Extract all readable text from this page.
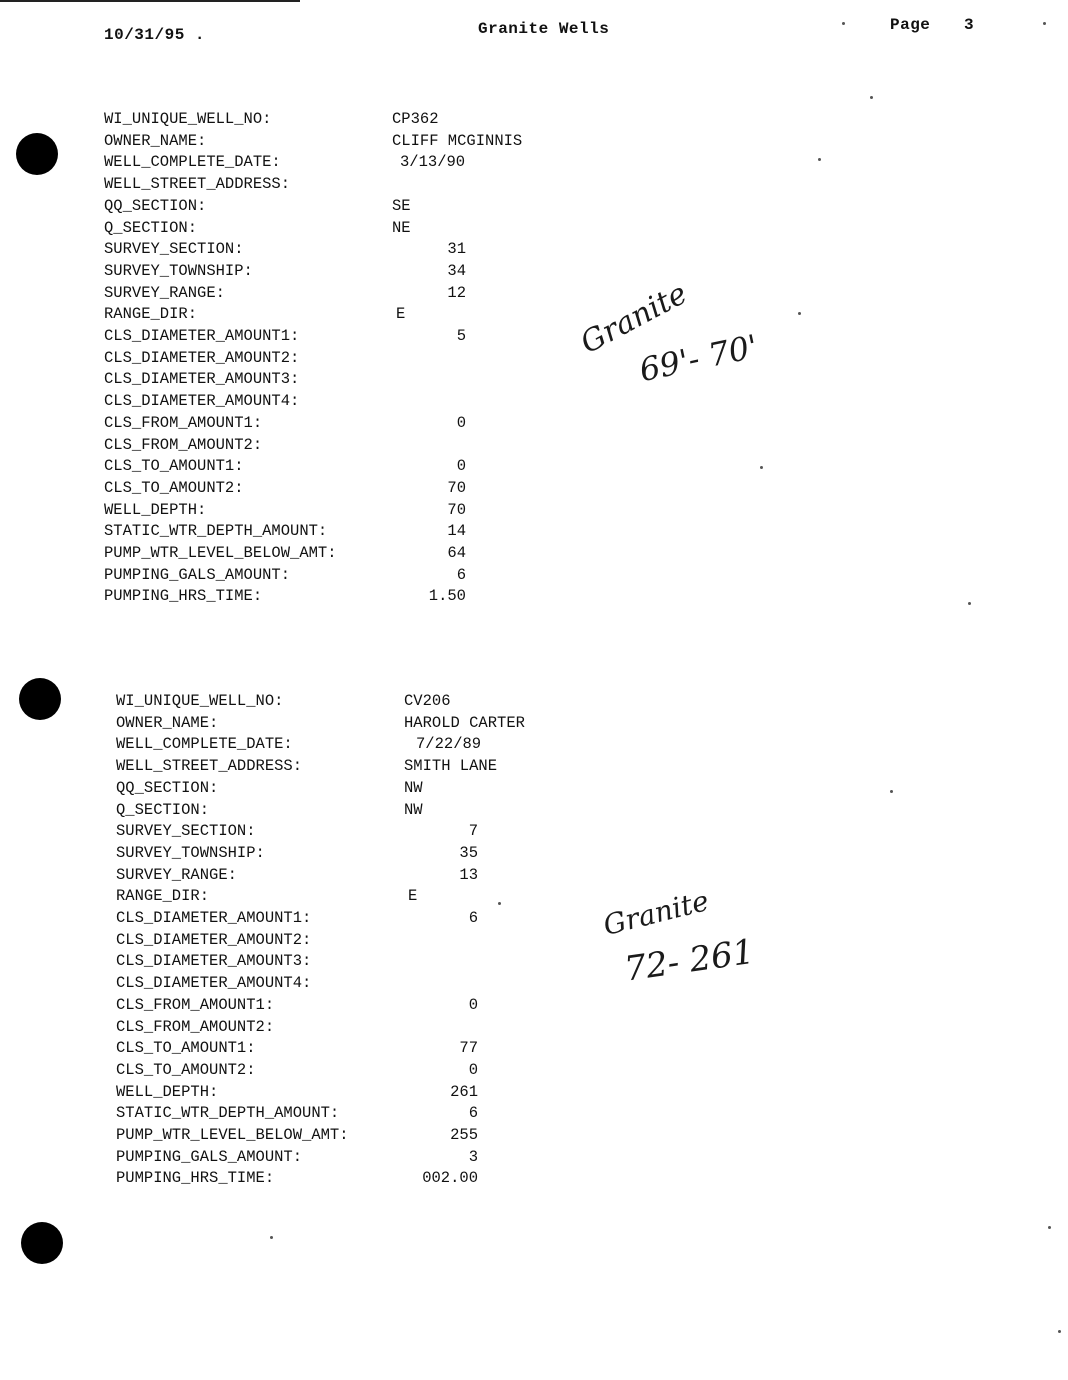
10/31/95 .	Granite Wells	Page 3
WI_UNIQUE_WELL_NO:	CP362
OWNER_NAME:	CLIFF MCGINNIS
WELL_COMPLETE_DATE:	3/13/90
WELL_STREET_ADDRESS:
QQ_SECTION:	SE
Q_SECTION:	NE
SURVEY_SECTION:	31
SURVEY_TOWNSHIP:	34
SURVEY_RANGE:	12
RANGE_DIR:	E
CLS_DIAMETER_AMOUNT1:	5
CLS_DIAMETER_AMOUNT2:
CLS_DIAMETER_AMOUNT3:
CLS_DIAMETER_AMOUNT4:
CLS_FROM_AMOUNT1:	0
CLS_FROM_AMOUNT2:
CLS_TO_AMOUNT1:	0
CLS_TO_AMOUNT2:	70
WELL_DEPTH:	70
STATIC_WTR_DEPTH_AMOUNT:	14
PUMP_WTR_LEVEL_BELOW_AMT:	64
PUMPING_GALS_AMOUNT:	6
PUMPING_HRS_TIME:	1.50
WI_UNIQUE_WELL_NO:	CV206
OWNER_NAME:	HAROLD CARTER
WELL_COMPLETE_DATE:	7/22/89
WELL_STREET_ADDRESS:	SMITH LANE
QQ_SECTION:	NW
Q_SECTION:	NW
SURVEY_SECTION:	7
SURVEY_TOWNSHIP:	35
SURVEY_RANGE:	13
RANGE_DIR:	E
CLS_DIAMETER_AMOUNT1:	6
CLS_DIAMETER_AMOUNT2:
CLS_DIAMETER_AMOUNT3:
CLS_DIAMETER_AMOUNT4:
CLS_FROM_AMOUNT1:	0
CLS_FROM_AMOUNT2:
CLS_TO_AMOUNT1:	77
CLS_TO_AMOUNT2:	0
WELL_DEPTH:	261
STATIC_WTR_DEPTH_AMOUNT:	6
PUMP_WTR_LEVEL_BELOW_AMT:	255
PUMPING_GALS_AMOUNT:	3
PUMPING_HRS_TIME:	002.00
Granite
69'- 70'
Granite
72- 261
